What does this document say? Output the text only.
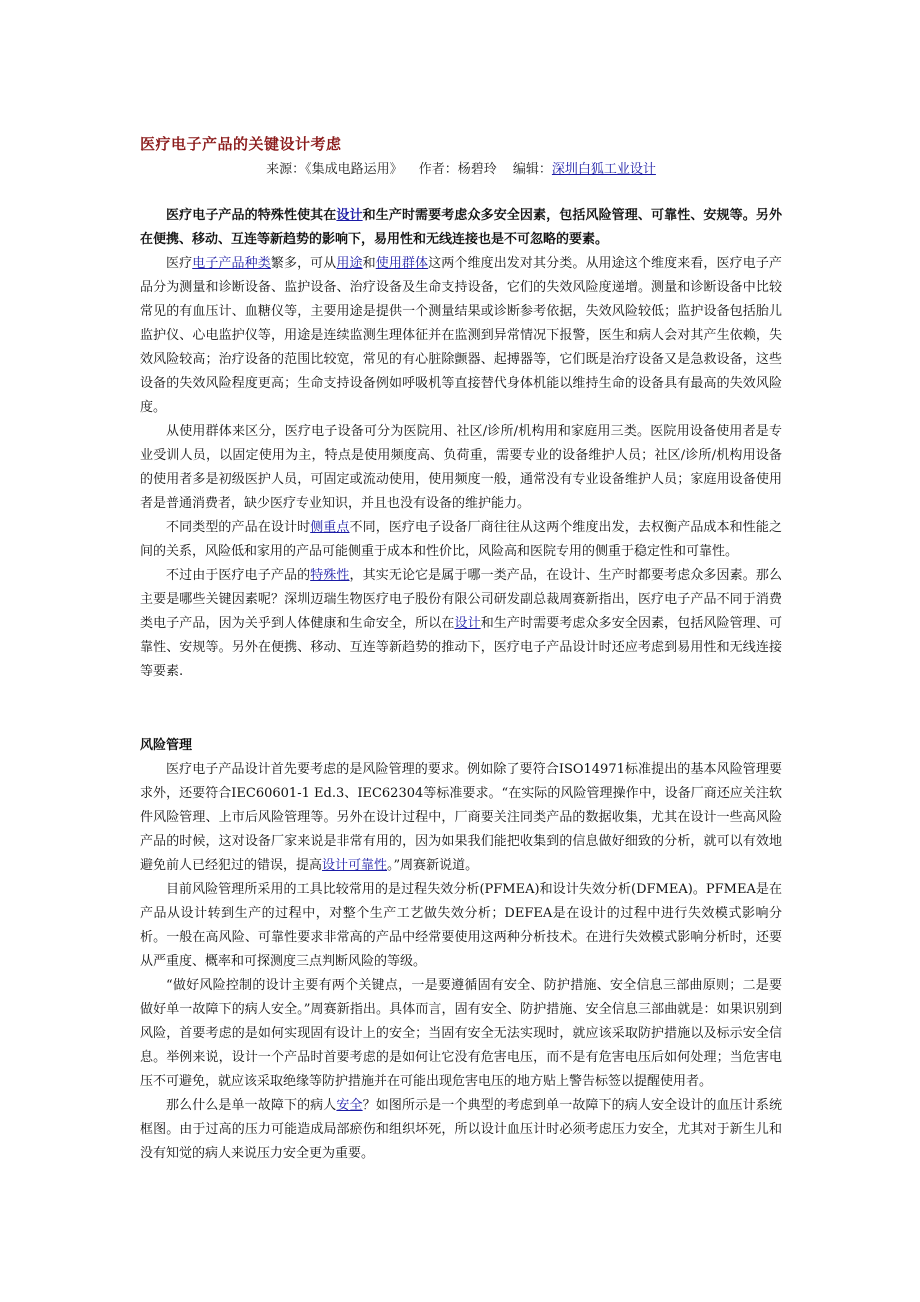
医疗电子产品的关键设计考虑
来源：《集成电路运用》 作者：杨碧玲 编辑：深圳白狐工业设计

医疗电子产品的特殊性使其在设计和生产时需要考虑众多安全因素，包括风险管理、可靠性、安规等。另外在便携、移动、互连等新趋势的影响下，易用性和无线连接也是不可忽略的要素。

医疗电子产品种类繁多，可从用途和使用群体这两个维度出发对其分类。从用途这个维度来看，医疗电子产品分为测量和诊断设备、监护设备、治疗设备及生命支持设备，它们的失效风险度递增。测量和诊断设备中比较常见的有血压计、血糖仪等，主要用途是提供一个测量结果或诊断参考依据，失效风险较低；监护设备包括胎儿监护仪、心电监护仪等，用途是连续监测生理体征并在监测到异常情况下报警，医生和病人会对其产生依赖，失效风险较高；治疗设备的范围比较宽，常见的有心脏除颤器、起搏器等，它们既是治疗设备又是急救设备，这些设备的失效风险程度更高；生命支持设备例如呼吸机等直接替代身体机能以维持生命的设备具有最高的失效风险度。

从使用群体来区分，医疗电子设备可分为医院用、社区/诊所/机构用和家庭用三类。医院用设备使用者是专业受训人员，以固定使用为主，特点是使用频度高、负荷重，需要专业的设备维护人员；社区/诊所/机构用设备的使用者多是初级医护人员，可固定或流动使用，使用频度一般，通常没有专业设备维护人员；家庭用设备使用者是普通消费者，缺少医疗专业知识，并且也没有设备的维护能力。

不同类型的产品在设计时侧重点不同，医疗电子设备厂商往往从这两个维度出发，去权衡产品成本和性能之间的关系，风险低和家用的产品可能侧重于成本和性价比，风险高和医院专用的侧重于稳定性和可靠性。

不过由于医疗电子产品的特殊性，其实无论它是属于哪一类产品，在设计、生产时都要考虑众多因素。那么主要是哪些关键因素呢？深圳迈瑞生物医疗电子股份有限公司研发副总裁周赛新指出，医疗电子产品不同于消费类电子产品，因为关乎到人体健康和生命安全，所以在设计和生产时需要考虑众多安全因素，包括风险管理、可靠性、安规等。另外在便携、移动、互连等新趋势的推动下，医疗电子产品设计时还应考虑到易用性和无线连接等要素.

风险管理

医疗电子产品设计首先要考虑的是风险管理的要求。例如除了要符合ISO14971标准提出的基本风险管理要求外，还要符合IEC60601-1 Ed.3、IEC62304等标准要求。“在实际的风险管理操作中，设备厂商还应关注软件风险管理、上市后风险管理等。另外在设计过程中，厂商要关注同类产品的数据收集，尤其在设计一些高风险产品的时候，这对设备厂家来说是非常有用的，因为如果我们能把收集到的信息做好细致的分析，就可以有效地避免前人已经犯过的错误，提高设计可靠性。”周赛新说道。

目前风险管理所采用的工具比较常用的是过程失效分析(PFMEA)和设计失效分析(DFMEA)。PFMEA是在产品从设计转到生产的过程中，对整个生产工艺做失效分析；DEFEA是在设计的过程中进行失效模式影响分析。一般在高风险、可靠性要求非常高的产品中经常要使用这两种分析技术。在进行失效模式影响分析时，还要从严重度、概率和可探测度三点判断风险的等级。

“做好风险控制的设计主要有两个关键点，一是要遵循固有安全、防护措施、安全信息三部曲原则；二是要做好单一故障下的病人安全。”周赛新指出。具体而言，固有安全、防护措施、安全信息三部曲就是：如果识别到风险，首要考虑的是如何实现固有设计上的安全；当固有安全无法实现时，就应该采取防护措施以及标示安全信息。举例来说，设计一个产品时首要考虑的是如何让它没有危害电压，而不是有危害电压后如何处理；当危害电压不可避免，就应该采取绝缘等防护措施并在可能出现危害电压的地方贴上警告标签以提醒使用者。

那么什么是单一故障下的病人安全？如图所示是一个典型的考虑到单一故障下的病人安全设计的血压计系统框图。由于过高的压力可能造成局部瘀伤和组织坏死，所以设计血压计时必须考虑压力安全，尤其对于新生儿和没有知觉的病人来说压力安全更为重要。
